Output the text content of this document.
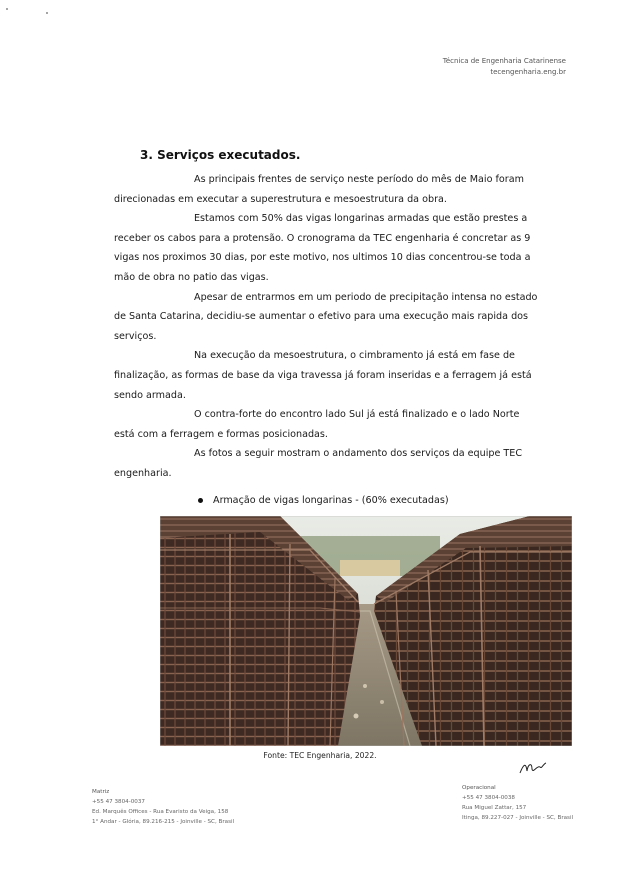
Técnica de Engenharia Catarinense
tecengenharia.eng.br
3. Serviços executados.

As principais frentes de serviço neste período do mês de Maio foram direcionadas em executar a superestrutura e mesoestrutura da obra.

Estamos com 50% das vigas longarinas armadas que estão prestes a receber os cabos para a protensão. O cronograma da TEC engenharia é concretar as 9 vigas nos proximos 30 dias, por este motivo, nos ultimos 10 dias concentrou-se toda a mão de obra no patio das vigas.

Apesar de entrarmos em um periodo de precipitação intensa no estado de Santa Catarina, decidiu-se aumentar o efetivo para uma execução mais rapida dos serviços.

Na execução da mesoestrutura, o cimbramento já está em fase de finalização, as formas de base da viga travessa já foram inseridas e a ferragem já está sendo armada.

O contra-forte do encontro lado Sul já está finalizado e o lado Norte está com a ferragem e formas posicionadas.

As fotos a seguir mostram o andamento dos serviços da equipe TEC engenharia.

Armação de vigas longarinas - (60% executadas)
Fonte: TEC Engenharia, 2022.
Matriz
+55 47 3804-0037
Ed. Marquês Offices - Rua Evaristo da Veiga, 158
1° Andar - Glória, 89.216-215 - Joinville - SC, Brasil
Operacional
+55 47 3804-0038
Rua Miguel Zattar, 157
Itinga, 89.227-027 - Joinville - SC, Brasil
